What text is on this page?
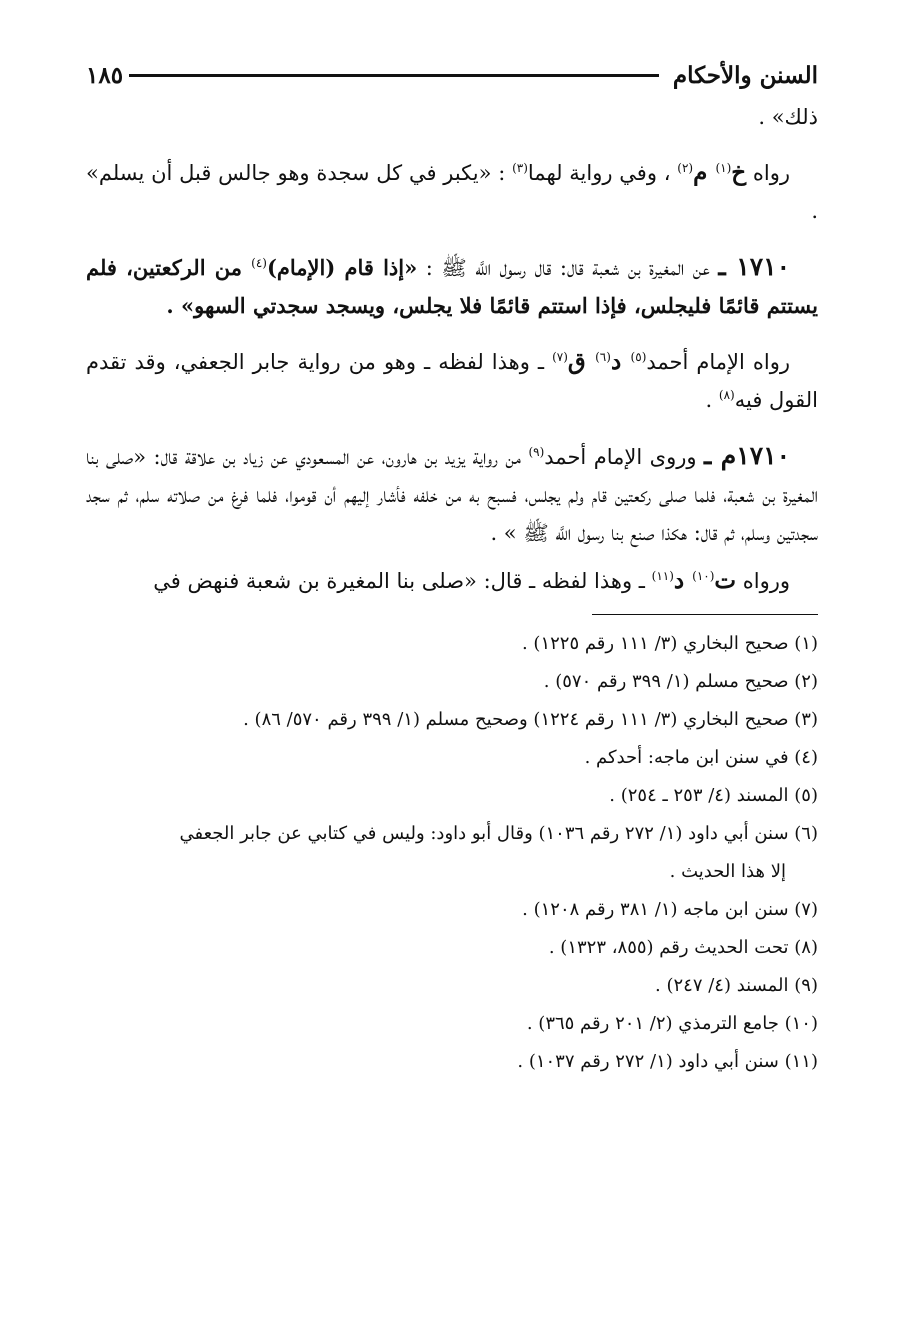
السنن والأحكام
١٨٥

ذلك» .

رواه خ$^{(١)}$ م$^{(٢)}$ ، وفي رواية لهما$^{(٣)}$ : «يكبر في كل سجدة وهو جالس قبل أن يسلم» .

١٧١٠ ـ عن المغيرة بن شعبة قال: قال رسول اللَّه ﷺ : «إذا قام (الإمام)$^{(٤)}$ من الركعتين، فلم يستتم قائمًا فليجلس، فإذا استتم قائمًا فلا يجلس، ويسجد سجدتي السهو» .

رواه الإمام أحمد$^{(٥)}$ د$^{(٦)}$ ق$^{(٧)}$ ـ وهذا لفظه ـ وهو من رواية جابر الجعفي، وقد تقدم القول فيه$^{(٨)}$ .

١٧١٠م ـ وروى الإمام أحمد$^{(٩)}$ من رواية يزيد بن هارون، عن المسعودي عن زياد بن علاقة قال: «صلى بنا المغيرة بن شعبة، فلما صلى ركعتين قام ولم يجلس، فسبح به من خلفه فأشار إليهم أن قوموا، فلما فرغ من صلاته سلم، ثم سجد سجدتين وسلم، ثم قال: هكذا صنع بنا رسول اللَّه ﷺ » .

ورواه ت$^{(١٠)}$ د$^{(١١)}$ ـ وهذا لفظه ـ قال: «صلى بنا المغيرة بن شعبة فنهض في

(١) صحيح البخاري (٣/ ١١١ رقم ١٢٢٥) .

(٢) صحيح مسلم (١/ ٣٩٩ رقم ٥٧٠) .

(٣) صحيح البخاري (٣/ ١١١ رقم ١٢٢٤) وصحيح مسلم (١/ ٣٩٩ رقم ٥٧٠/ ٨٦) .

(٤) في سنن ابن ماجه: أحدكم .

(٥) المسند (٤/ ٢٥٣ ـ ٢٥٤) .

(٦) سنن أبي داود (١/ ٢٧٢ رقم ١٠٣٦) وقال أبو داود: وليس في كتابي عن جابر الجعفي

إلا هذا الحديث .

(٧) سنن ابن ماجه (١/ ٣٨١ رقم ١٢٠٨) .

(٨) تحت الحديث رقم (٨٥٥، ١٣٢٣) .

(٩) المسند (٤/ ٢٤٧) .

(١٠) جامع الترمذي (٢/ ٢٠١ رقم ٣٦٥) .

(١١) سنن أبي داود (١/ ٢٧٢ رقم ١٠٣٧) .
